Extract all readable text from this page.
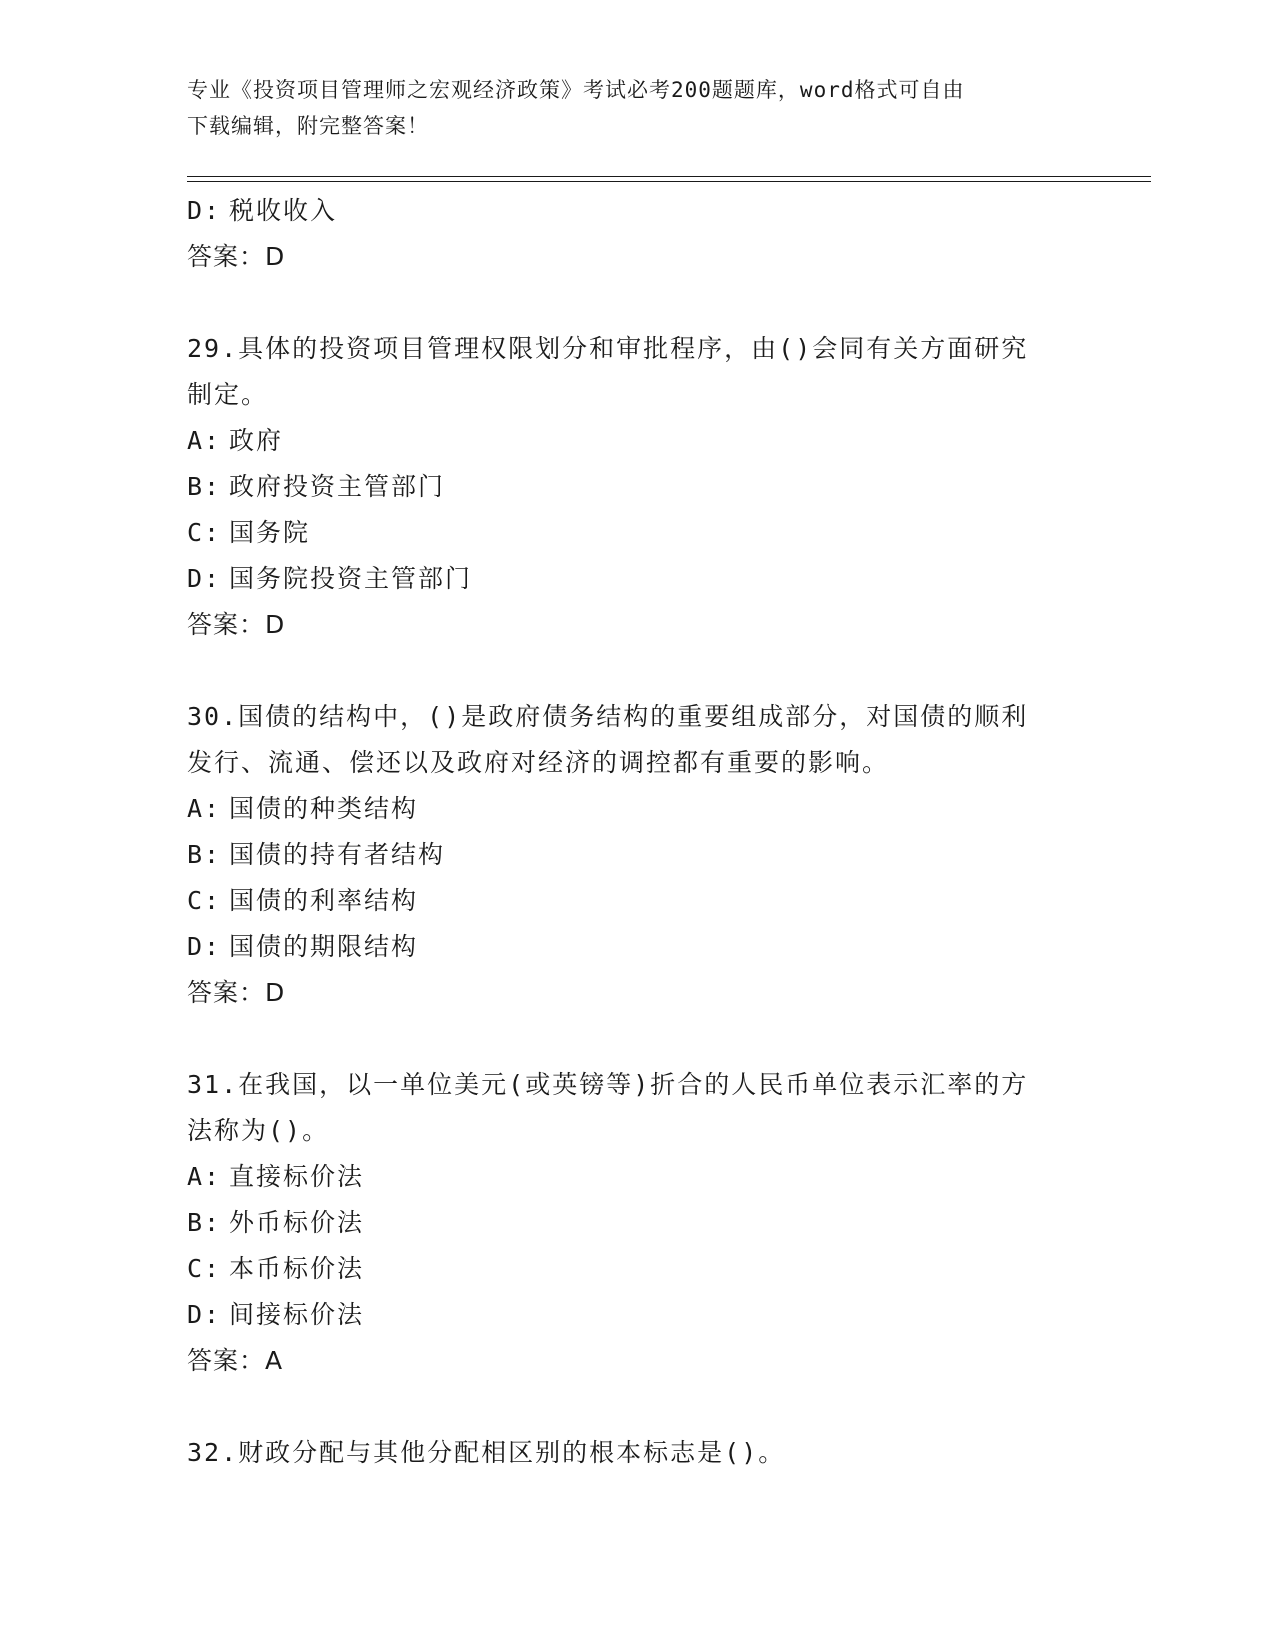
专业《投资项目管理师之宏观经济政策》考试必考200题题库，word格式可自由
下载编辑，附完整答案！
D: 税收收入
答案：D
29.具体的投资项目管理权限划分和审批程序，由()会同有关方面研究
制定。
A: 政府
B: 政府投资主管部门
C: 国务院
D: 国务院投资主管部门
答案：D
30.国债的结构中，()是政府债务结构的重要组成部分，对国债的顺利
发行、流通、偿还以及政府对经济的调控都有重要的影响。
A: 国债的种类结构
B: 国债的持有者结构
C: 国债的利率结构
D: 国债的期限结构
答案：D
31.在我国，以一单位美元(或英镑等)折合的人民币单位表示汇率的方
法称为()。
A: 直接标价法
B: 外币标价法
C: 本币标价法
D: 间接标价法
答案：A
32.财政分配与其他分配相区别的根本标志是()。
